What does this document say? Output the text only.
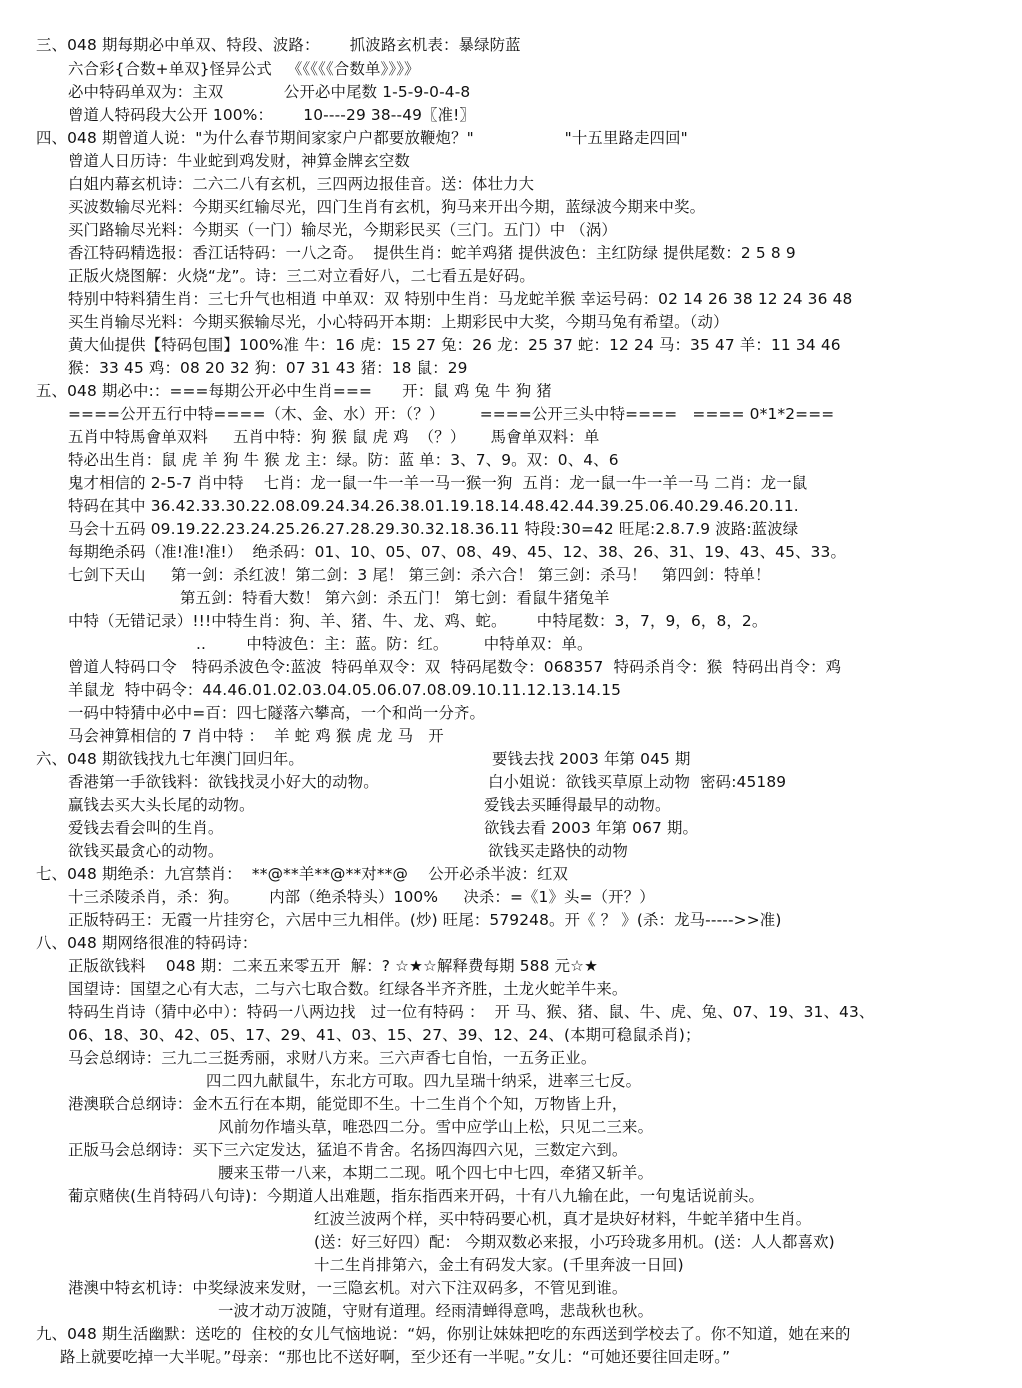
三、048 期每期必中单双、特段、波路：      抓波路玄机表：暴绿防蓝
六合彩{合数+单双}怪异公式   《《《《《合数单》》》》
必中特码单双为：主双            公开必中尾数 1-5-9-0-4-8
曾道人特码段大公开 100%：      10----29 38--49〖准!〗
四、048 期曾道人说："为什么春节期间家家户户都要放鞭炮？"                  "十五里路走四回"
曾道人日历诗：牛业蛇到鸡发财，神算金牌玄空数
白姐内幕玄机诗：二六二八有玄机，三四两边报佳音。送：体壮力大
买波数输尽光料：今期买红输尽光，四门生肖有玄机，狗马来开出今期，蓝绿波今期来中奖。
买门路输尽光料：今期买（一门）输尽光，今期彩民买（三门。五门）中 （涡）
香江特码精选报：香江话特码：一八之奇。  提供生肖：蛇羊鸡猪 提供波色：主红防绿 提供尾数：2 5 8 9
正版火烧图解：火烧“龙”。诗：三二对立看好八，二七看五是好码。
特别中特料猜生肖：三七升气也相逍 中单双：双 特别中生肖：马龙蛇羊猴 幸运号码：02 14 26 38 12 24 36 48
买生肖输尽光料：今期买猴输尽光，小心特码开本期：上期彩民中大奖，今期马兔有希望。（动）
黄大仙提供【特码包围】100%准 牛：16 虎：15 27 兔：26 龙：25 37 蛇：12 24 马：35 47 羊：11 34 46
猴：33 45 鸡：08 20 32 狗：07 31 43 猪：18 鼠：29
五、048 期必中:：===每期公开必中生肖===      开：鼠 鸡 兔 牛 狗 猪
====公开五行中特====（木、金、水）开：（？）       ====公开三头中特====   ==== 0*1*2===
五肖中特馬會单双料     五肖中特：狗 猴 鼠 虎 鸡  （？）     馬會单双料：单
特必出生肖：鼠 虎 羊 狗 牛 猴 龙 主：绿。防：蓝 单：3、7、9。双：0、4、6
鬼才相信的 2-5-7 肖中特    七肖：龙一鼠一牛一羊一马一猴一狗  五肖：龙一鼠一牛一羊一马 二肖：龙一鼠
特码在其中 36.42.33.30.22.08.09.24.34.26.38.01.19.18.14.48.42.44.39.25.06.40.29.46.20.11.
马会十五码 09.19.22.23.24.25.26.27.28.29.30.32.18.36.11 特段:30=42 旺尾:2.8.7.9 波路:蓝波绿
每期绝杀码（准!准!准!）  绝杀码：01、10、05、07、08、49、45、12、38、26、31、19、43、45、33。
七剑下天山     第一剑：杀红波！第二剑：3 尾！ 第三剑：杀六合！ 第三剑：杀马！   第四剑：特单！
第五剑：特看大数！ 第六剑：杀五门！ 第七剑：看鼠牛猪兔羊
中特（无错记录）!!!中特生肖：狗、羊、猪、牛、龙、鸡、蛇。      中特尾数：3，7，9，6，8，2。
..        中特波色：主：蓝。防：红。       中特单双：单。
曾道人特码口令   特码杀波色令:蓝波  特码单双令：双  特码尾数令：068357  特码杀肖令：猴  特码出肖令：鸡
羊鼠龙  特中码令：44.46.01.02.03.04.05.06.07.08.09.10.11.12.13.14.15
一码中特猜中必中=百：四七隧落六攀高，一个和尚一分齐。
马会神算相信的 7 肖中特 ：  羊 蛇 鸡 猴 虎 龙 马   开
六、048 期欲钱找九七年澳门回归年。	要钱去找 2003 年第 045 期
香港第一手欲钱料：欲钱找灵小好大的动物。	白小姐说：欲钱买草原上动物  密码:45189
赢钱去买大头长尾的动物。	爱钱去买睡得最早的动物。
爱钱去看会叫的生肖。	欲钱去看 2003 年第 067 期。
欲钱买最贪心的动物。	欲钱买走路快的动物
七、048 期绝杀：九宫禁肖：  **@**羊**@**对**@    公开必杀半波：红双
十三杀陵杀肖，杀：狗。      内部（绝杀特头）100%     决杀：=《1》头=（开？）
正版特码王：无霞一片挂穷仑，六居中三九相伴。(炒) 旺尾：579248。开《 ？ 》(杀：龙马----->>准)
八、048 期网络很准的特码诗：
正版欲钱料    048 期：二来五来零五开  解：? ☆★☆解释费每期 588 元☆★
国望诗：国望之心有大志，二与六七取合数。红绿各半齐齐胜，土龙火蛇羊牛来。
特码生肖诗（猜中必中）：特码一八两边找   过一位有特码 ：  开 马、猴、猪、鼠、牛、虎、兔、07、19、31、43、
06、18、30、42、05、17、29、41、03、15、27、39、12、24、(本期可稳鼠杀肖)；
马会总纲诗：三九二三挺秀丽，求财八方来。三六声香七自怡，一五务正业。
四二四九献鼠牛，东北方可取。四九呈瑞十纳采，进率三七反。
港澳联合总纲诗：金木五行在本期，能觉即不生。十二生肖个个知，万物皆上升，
风前勿作墙头草，唯恐四二分。雪中应学山上松，只见二三来。
正版马会总纲诗：买下三六定发达，猛追不肯舍。名扬四海四六见，三数定六到。
腰来玉带一八来，本期二二现。吼个四七中七四，牵猪又斩羊。
葡京赌侠(生肖特码八句诗)：今期道人出难题，指东指西来开码，十有八九输在此，一句鬼话说前头。
红波兰波两个样，买中特码要心机，真才是块好材料，牛蛇羊猪中生肖。
(送：好三好四）配： 今期双数必来报，小巧玲珑多用机。(送：人人都喜欢)
十二生肖排第六，金土有码发大家。(千里奔波一日回)
港澳中特玄机诗：中奖绿波来发财，一三隐玄机。对六下注双码多，不管见到谁。
一波才动万波随，守财有道理。经雨清蝉得意鸣，悲哉秋也秋。
九、048 期生活幽默：送吃的  住校的女儿气恼地说：“妈，你别让妹妹把吃的东西送到学校去了。你不知道，她在来的
路上就要吃掉一大半呢。”母亲：“那也比不送好啊，至少还有一半呢。”女儿：“可她还要往回走呀。”
